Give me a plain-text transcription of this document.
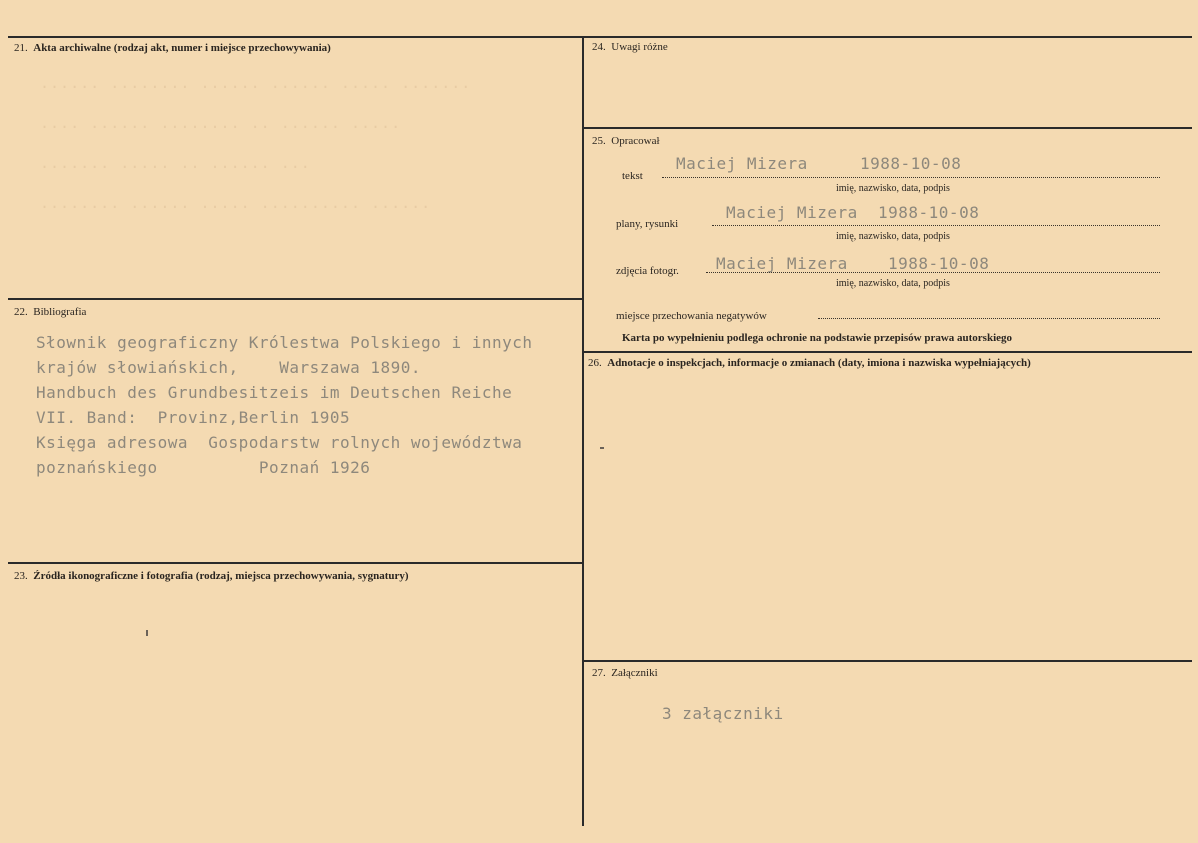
21. Akta archiwalne (rodzaj akt, numer i miejsce przechowywania)
······ ········ ······ ······ ····· ·······
···· ······ ········ ·· ······ ·····
······· ····· ·· ······ ···
········ ······ ····· ·········· ······
22. Bibliografia
Słownik geograficzny Królestwa Polskiego i innych
krajów słowiańskich,    Warszawa 1890.
Handbuch des Grundbesitzeis im Deutschen Reiche
VII. Band:  Provinz,Berlin 1905
Księga adresowa  Gospodarstw rolnych województwa
poznańskiego          Poznań 1926
23. Źródła ikonograficzne i fotografia (rodzaj, miejsca przechowywania, sygnatury)
24. Uwagi różne
25. Opracował
tekst
Maciej Mizera	1988-10-08
imię, nazwisko, data, podpis
plany, rysunki
Maciej Mizera 1988-10-08
imię, nazwisko, data, podpis
zdjęcia fotogr. Maciej Mizera	1988-10-08
imię, nazwisko, data, podpis
miejsce przechowania negatywów
Karta po wypełnieniu podlega ochronie na podstawie przepisów prawa autorskiego
26. Adnotacje o inspekcjach, informacje o zmianach (daty, imiona i nazwiska wypełniających)
27. Załączniki
3 załączniki
